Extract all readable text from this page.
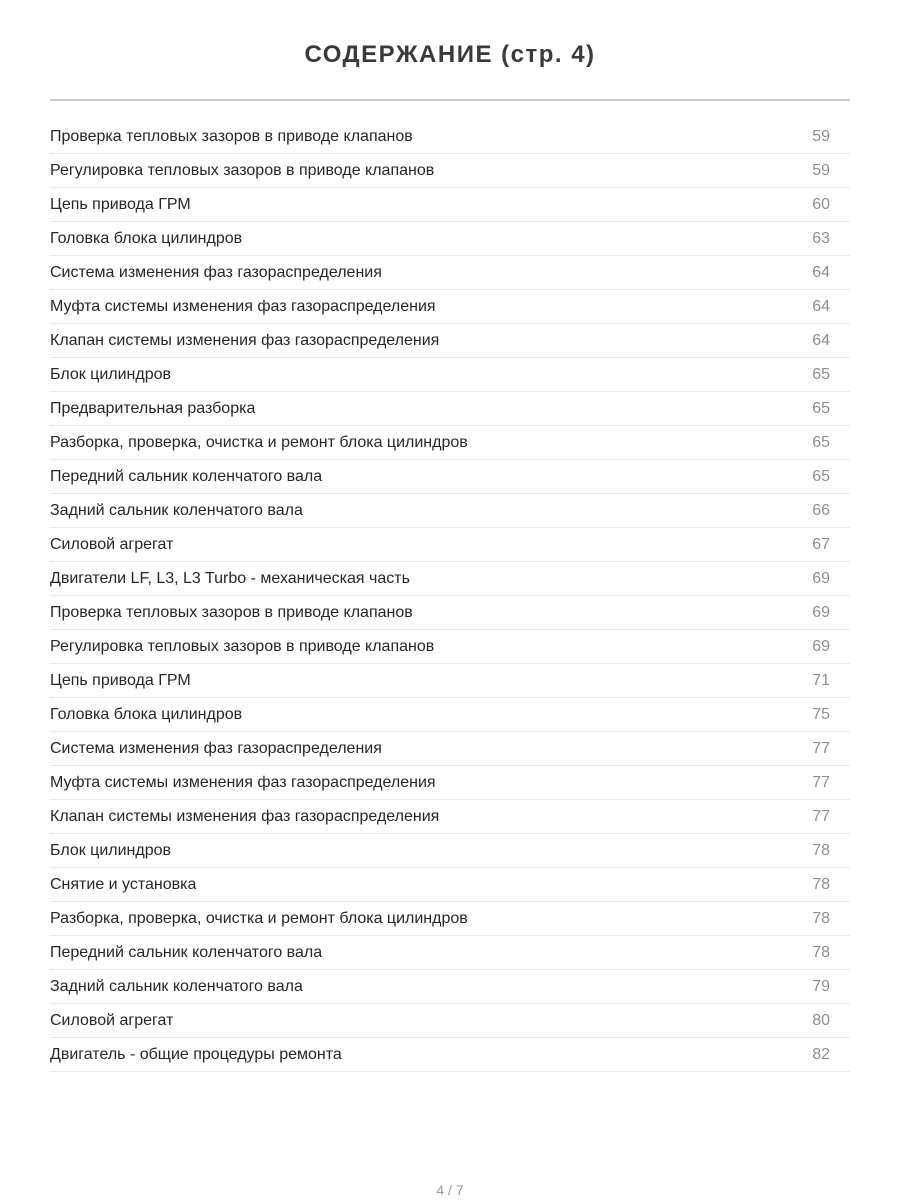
СОДЕРЖАНИЕ (стр. 4)
Проверка тепловых зазоров в приводе клапанов	59
Регулировка тепловых зазоров в приводе клапанов	59
Цепь привода ГРМ	60
Головка блока цилиндров	63
Система изменения фаз газораспределения	64
Муфта системы изменения фаз газораспределения	64
Клапан системы изменения фаз газораспределения	64
Блок цилиндров	65
Предварительная разборка	65
Разборка, проверка, очистка и ремонт блока цилиндров	65
Передний сальник коленчатого вала	65
Задний сальник коленчатого вала	66
Силовой агрегат	67
Двигатели LF, L3, L3 Turbo - механическая часть	69
Проверка тепловых зазоров в приводе клапанов	69
Регулировка тепловых зазоров в приводе клапанов	69
Цепь привода ГРМ	71
Головка блока цилиндров	75
Система изменения фаз газораспределения	77
Муфта системы изменения фаз газораспределения	77
Клапан системы изменения фаз газораспределения	77
Блок цилиндров	78
Снятие и установка	78
Разборка, проверка, очистка и ремонт блока цилиндров	78
Передний сальник коленчатого вала	78
Задний сальник коленчатого вала	79
Силовой агрегат	80
Двигатель - общие процедуры ремонта	82
4 / 7
